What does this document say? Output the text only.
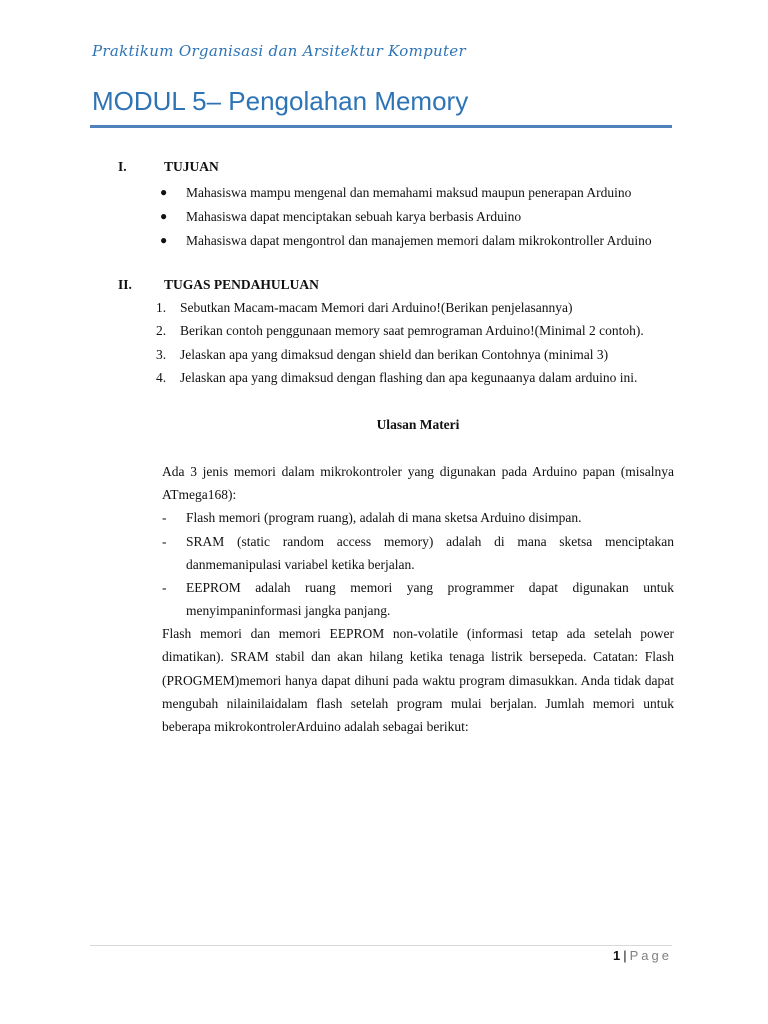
Praktikum Organisasi dan Arsitektur Komputer
MODUL 5– Pengolahan Memory
I.	TUJUAN
● Mahasiswa mampu mengenal dan memahami maksud maupun penerapan Arduino
● Mahasiswa dapat menciptakan sebuah karya berbasis Arduino
● Mahasiswa dapat mengontrol dan manajemen memori dalam mikrokontroller Arduino
II. TUGAS PENDAHULUAN
1. Sebutkan Macam-macam Memori dari Arduino!(Berikan penjelasannya)
2. Berikan contoh penggunaan memory saat pemrograman Arduino!(Minimal 2 contoh).
3. Jelaskan apa yang dimaksud dengan shield dan berikan Contohnya (minimal 3)
4. Jelaskan apa yang dimaksud dengan flashing dan apa kegunaanya dalam arduino ini.
Ulasan Materi

Ada 3 jenis memori dalam mikrokontroler yang digunakan pada Arduino papan (misalnya ATmega168):

- Flash memori (program ruang), adalah di mana sketsa Arduino disimpan.
- SRAM (static random access memory) adalah di mana sketsa menciptakan danmemanipulasi variabel ketika berjalan.
- EEPROM adalah ruang memori yang programmer dapat digunakan untuk menyimpaninformasi jangka panjang.

Flash memori dan memori EEPROM non-volatile (informasi tetap ada setelah power dimatikan). SRAM stabil dan akan hilang ketika tenaga listrik bersepeda. Catatan: Flash (PROGMEM)memori hanya dapat dihuni pada waktu program dimasukkan. Anda tidak dapat mengubah nilainilaidalam flash setelah program mulai berjalan. Jumlah memori untuk beberapa mikrokontrolerArduino adalah sebagai berikut:

1 | Page
